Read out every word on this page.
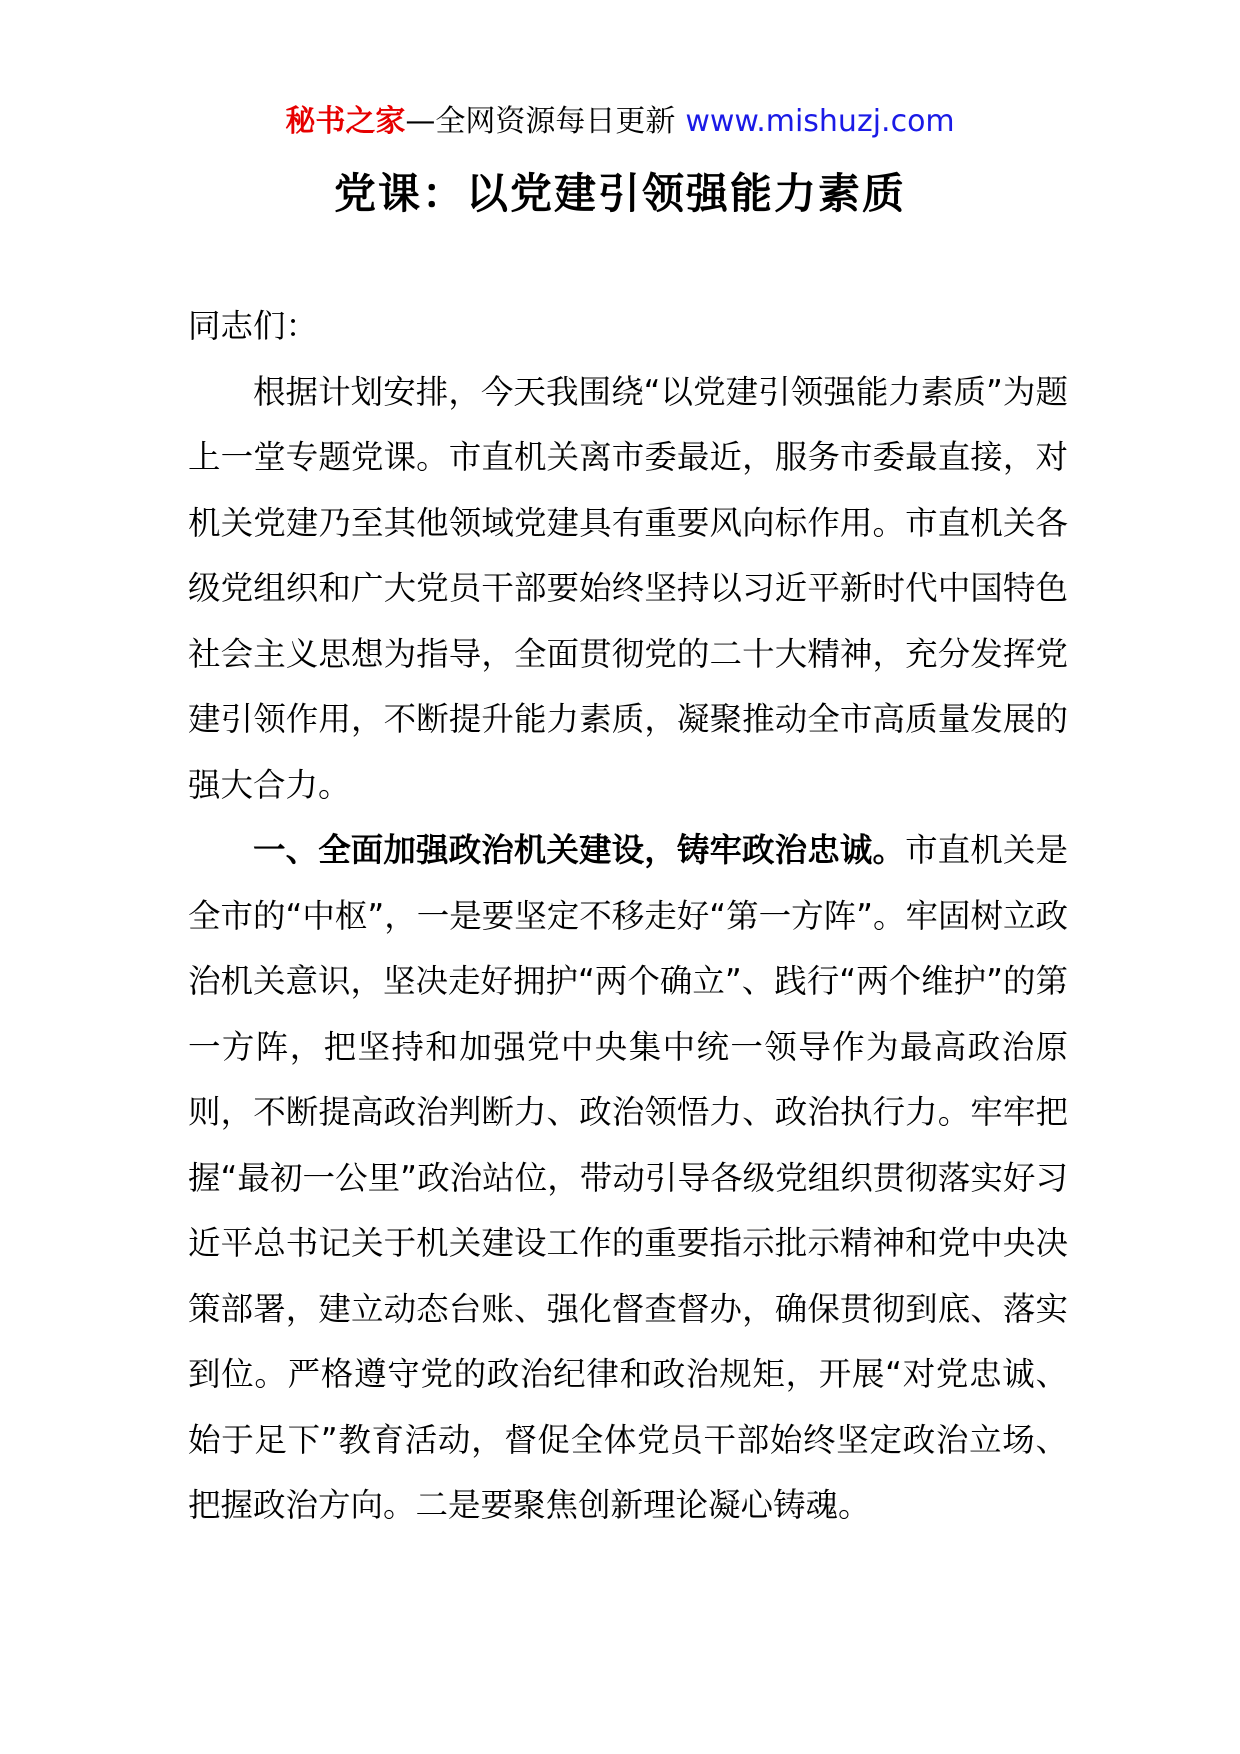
秘书之家—全网资源每日更新 www.mishuzj.com
党课：以党建引领强能力素质

同志们：

根据计划安排，今天我围绕“以党建引领强能力素质”为题上一堂专题党课。市直机关离市委最近，服务市委最直接，对机关党建乃至其他领域党建具有重要风向标作用。市直机关各级党组织和广大党员干部要始终坚持以习近平新时代中国特色社会主义思想为指导，全面贯彻党的二十大精神，充分发挥党建引领作用，不断提升能力素质，凝聚推动全市高质量发展的强大合力。

一、全面加强政治机关建设，铸牢政治忠诚。市直机关是全市的“中枢”，一是要坚定不移走好“第一方阵”。牢固树立政治机关意识，坚决走好拥护“两个确立”、践行“两个维护”的第一方阵，把坚持和加强党中央集中统一领导作为最高政治原则，不断提高政治判断力、政治领悟力、政治执行力。牢牢把握“最初一公里”政治站位，带动引导各级党组织贯彻落实好习近平总书记关于机关建设工作的重要指示批示精神和党中央决策部署，建立动态台账、强化督查督办，确保贯彻到底、落实到位。严格遵守党的政治纪律和政治规矩，开展“对党忠诚、始于足下”教育活动，督促全体党员干部始终坚定政治立场、把握政治方向。二是要聚焦创新理论凝心铸魂。
